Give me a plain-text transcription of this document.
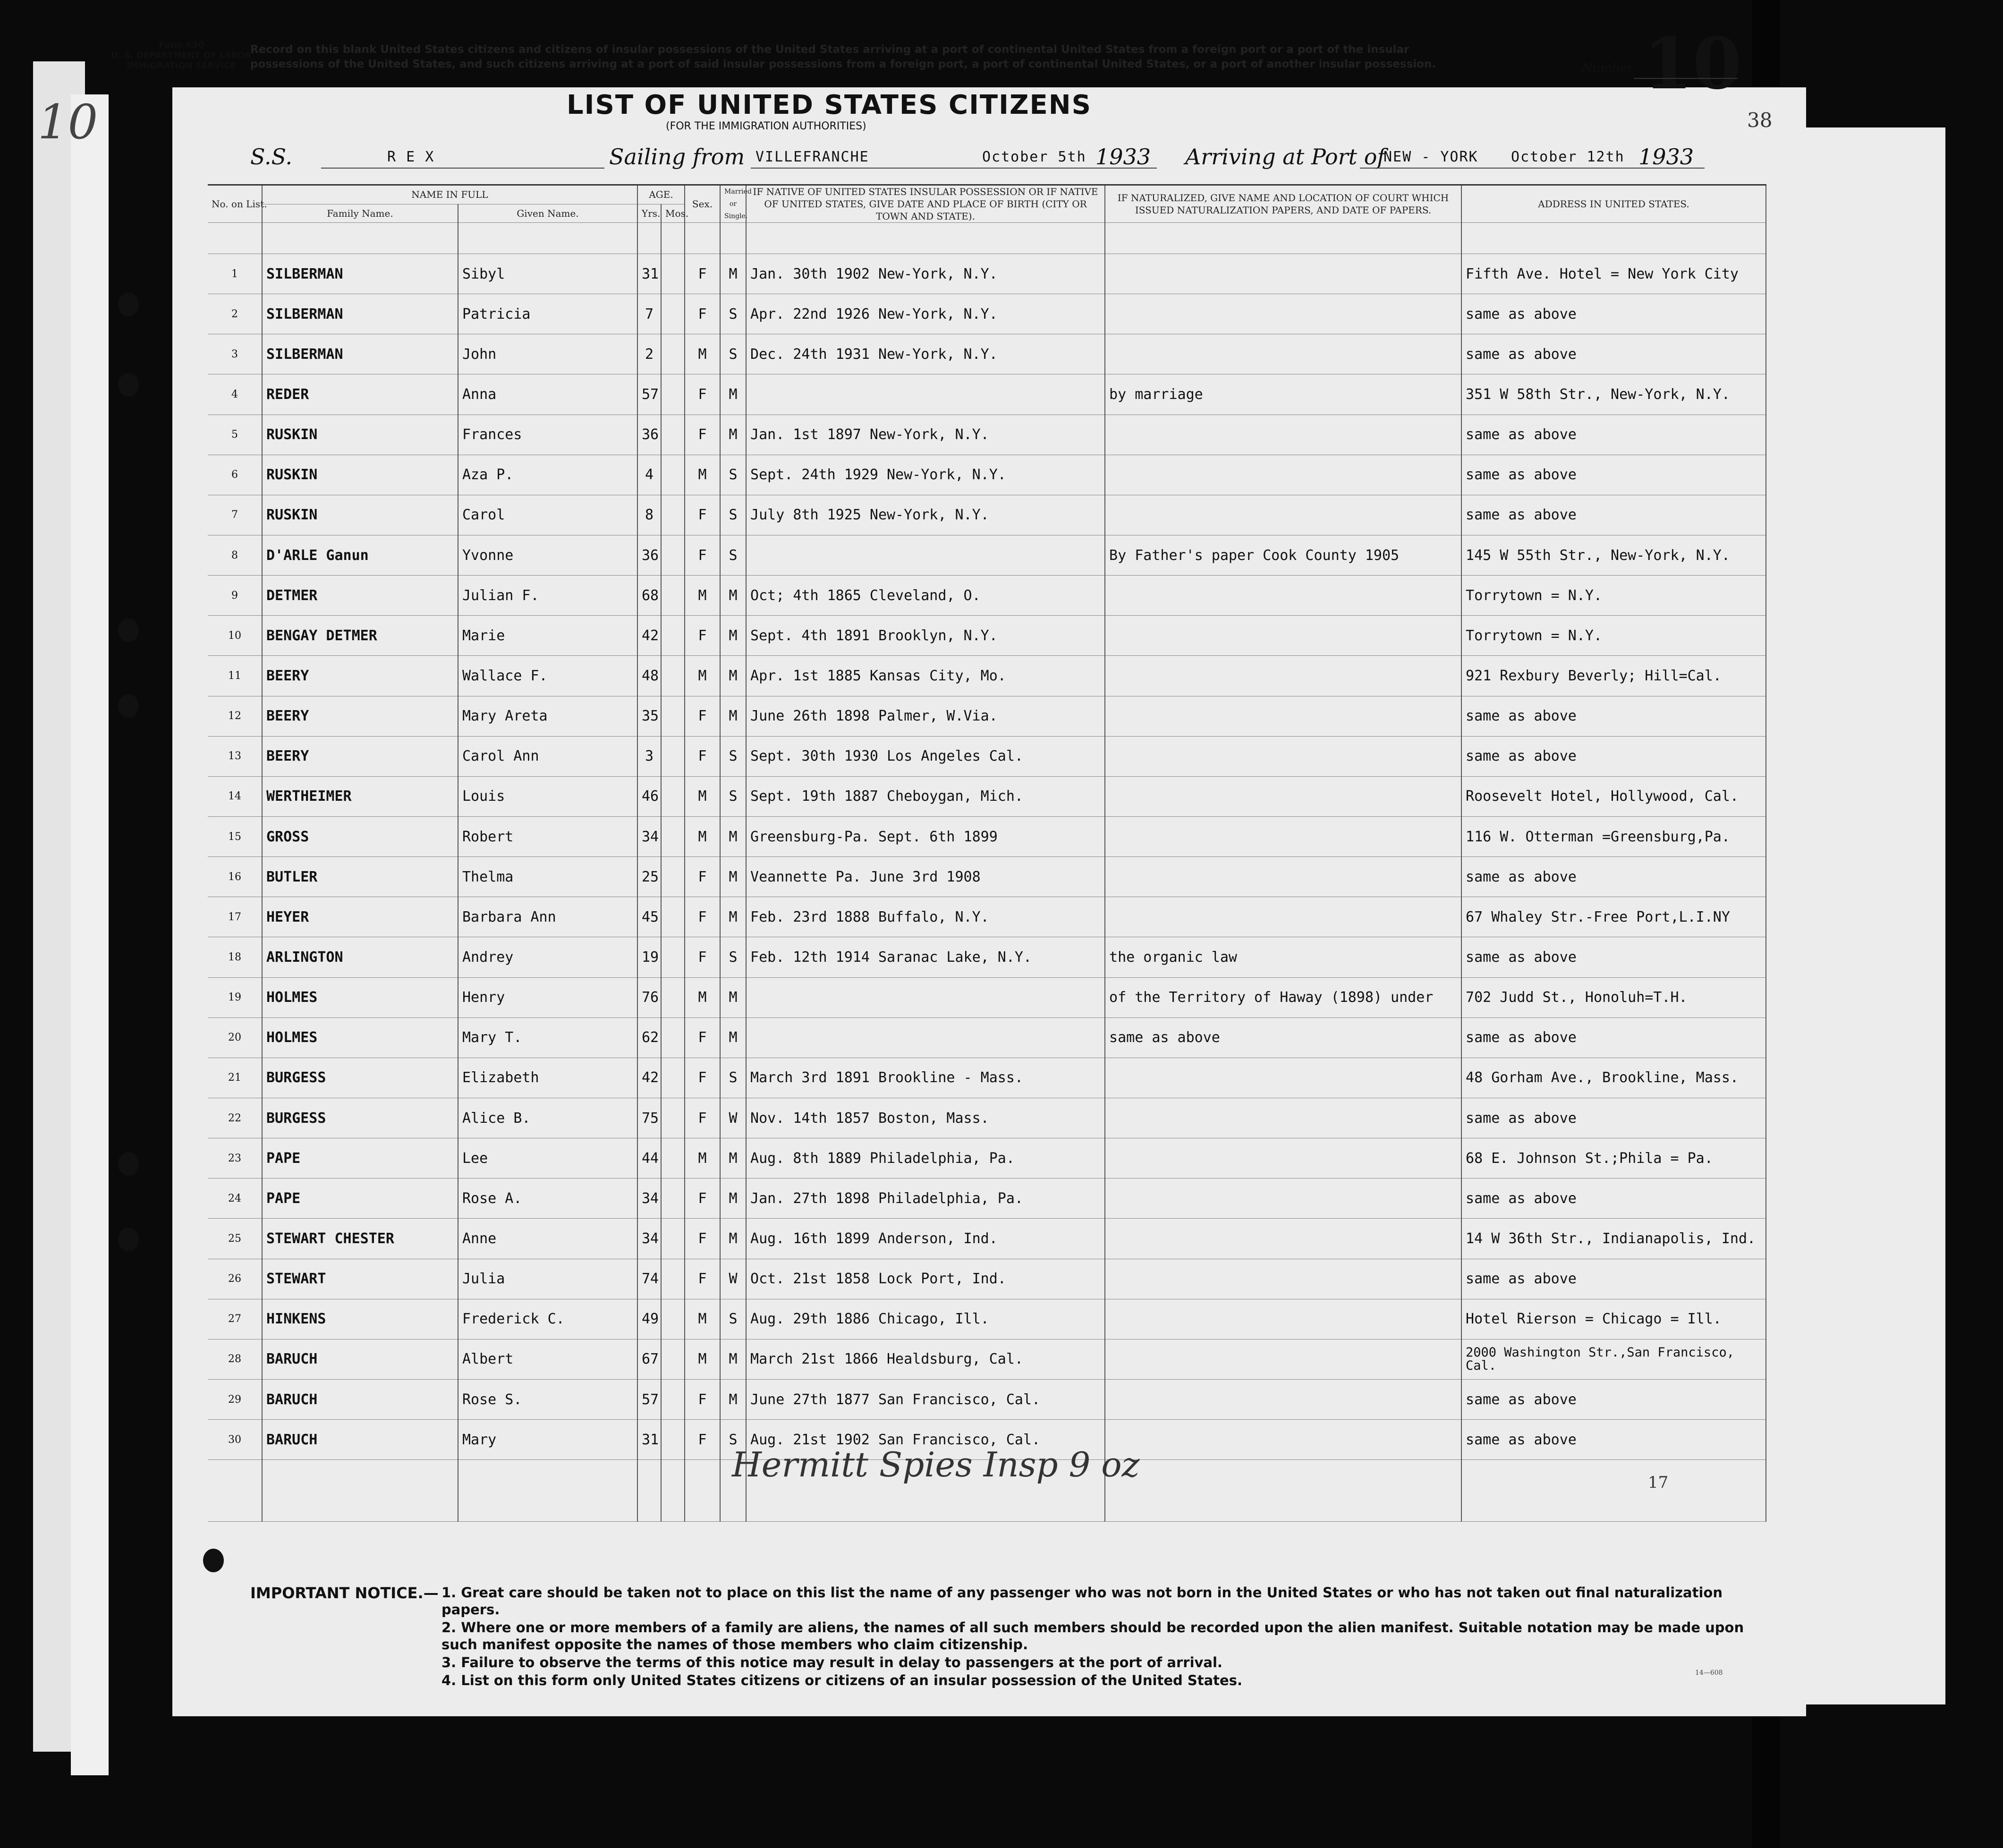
Form 630
U. S. DEPARTMENT OF LABOR
IMMIGRATION SERVICE
Record on this blank United States citizens and citizens of insular possessions of the United States arriving at a port of continental United States from a foreign port or a port of the insular possessions of the United States, and such citizens arriving at a port of said insular possessions from a foreign port, a port of continental United States, or a port of another insular possession.	Number 10
10	LIST OF UNITED STATES CITIZENS
(FOR THE IMMIGRATION AUTHORITIES)	38
S.S.	R E X	Sailing from VILLEFRANCHE	October 5th 1933 Arriving at Port of
NEW - YORK October 12th 1933
No. on List.	NAME IN FULL		AGE.		Sex.	Married or Single.	IF NATIVE OF UNITED STATES INSULAR POSSESSION OR IF NATIVE OF UNITED STATES, GIVE DATE AND PLACE OF BIRTH (CITY OR TOWN AND STATE).	IF NATURALIZED, GIVE NAME AND LOCATION OF COURT WHICH ISSUED NATURALIZATION PAPERS, AND DATE OF PAPERS.	ADDRESS IN UNITED STATES.
	Family Name.	Given Name.	Yrs.	Mos.					

1	SILBERMAN	Sibyl	31		F	M	Jan. 30th 1902 New-York, N.Y.		Fifth Ave. Hotel = New York City
2	SILBERMAN	Patricia	7		F	S	Apr. 22nd 1926 New-York, N.Y.		same as above
3	SILBERMAN	John	2		M	S	Dec. 24th 1931 New-York, N.Y.		same as above
4	REDER	Anna	57		F	M		by marriage	351 W 58th Str., New-York, N.Y.
5	RUSKIN	Frances	36		F	M	Jan. 1st 1897 New-York, N.Y.		same as above
6	RUSKIN	Aza P.	4		M	S	Sept. 24th 1929 New-York, N.Y.		same as above
7	RUSKIN	Carol	8		F	S	July 8th 1925 New-York, N.Y.		same as above
8	D'ARLE Ganun	Yvonne	36		F	S		By Father's paper Cook County 1905	145 W 55th Str., New-York, N.Y.
9	DETMER	Julian F.	68		M	M	Oct; 4th 1865 Cleveland, O.		Torrytown = N.Y.
10	BENGAY DETMER	Marie	42		F	M	Sept. 4th 1891 Brooklyn, N.Y.		Torrytown = N.Y.
11	BEERY	Wallace F.	48		M	M	Apr. 1st 1885 Kansas City, Mo.		921 Rexbury Beverly; Hill=Cal.
12	BEERY	Mary Areta	35		F	M	June 26th 1898 Palmer, W.Via.		same as above
13	BEERY	Carol Ann	3		F	S	Sept. 30th 1930 Los Angeles Cal.		same as above
14	WERTHEIMER	Louis	46		M	S	Sept. 19th 1887 Cheboygan, Mich.		Roosevelt Hotel, Hollywood, Cal.
15	GROSS	Robert	34		M	M	Greensburg-Pa. Sept. 6th 1899		116 W. Otterman =Greensburg,Pa.
16	BUTLER	Thelma	25		F	M	Veannette Pa. June 3rd 1908		same as above
17	HEYER	Barbara Ann	45		F	M	Feb. 23rd 1888 Buffalo, N.Y.		67 Whaley Str.-Free Port,L.I.NY
18	ARLINGTON	Andrey	19		F	S	Feb. 12th 1914 Saranac Lake, N.Y.	the organic law	same as above
19	HOLMES	Henry	76		M	M		of the Territory of Haway (1898) under	702 Judd St., Honoluh=T.H.
20	HOLMES	Mary T.	62		F	M		same as above	same as above
21	BURGESS	Elizabeth	42		F	S	March 3rd 1891 Brookline - Mass.		48 Gorham Ave., Brookline, Mass.
22	BURGESS	Alice B.	75		F	W	Nov. 14th 1857 Boston, Mass.		same as above
23	PAPE	Lee	44		M	M	Aug. 8th 1889 Philadelphia, Pa.		68 E. Johnson St.;Phila = Pa.
24	PAPE	Rose A.	34		F	M	Jan. 27th 1898 Philadelphia, Pa.		same as above
25	STEWART CHESTER	Anne	34		F	M	Aug. 16th 1899 Anderson, Ind.		14 W 36th Str., Indianapolis, Ind.
26	STEWART	Julia	74		F	W	Oct. 21st 1858 Lock Port, Ind.		same as above
27	HINKENS	Frederick C.	49		M	S	Aug. 29th 1886 Chicago, Ill.		Hotel Rierson = Chicago = Ill.
28	BARUCH	Albert	67		M	M	March 21st 1866 Healdsburg, Cal.		2000 Washington Str.,San Francisco, Cal.
29	BARUCH	Rose S.	57		F	M	June 27th 1877 San Francisco, Cal.		same as above
30	BARUCH	Mary	31		F	S	Aug. 21st 1902 San Francisco, Cal.		same as above

Hermitt Spies Insp 9 oz	17
IMPORTANT NOTICE.— 1. Great care should be taken not to place on this list the name of any passenger who was not born in the United States or who has not taken out final naturalization papers.
2. Where one or more members of a family are aliens, the names of all such members should be recorded upon the alien manifest. Suitable notation may be made upon such manifest opposite the names of those members who claim citizenship.
3. Failure to observe the terms of this notice may result in delay to passengers at the port of arrival.
4. List on this form only United States citizens or citizens of an insular possession of the United States.	14—608
